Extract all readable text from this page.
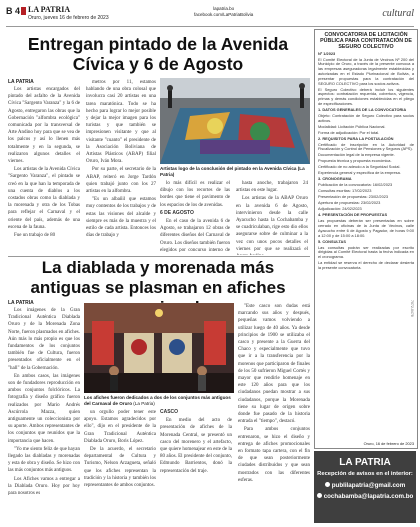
B 4 LA PATRIA
Oruro, jueves 16 de febrero de 2023
lapatria.bo
facebook.com/LaPatriaBolivia	cultural
Entregan pintado de la Avenida Cívica y 6 de Agosto
LA PATRIA

Los artistas encargados del pintado del asfalto de la Avenida Cívica "Sargento Varanza" y la 6 de Agosto, entregaron las obras que la Gobernación "alfombra ecológica" comunicada por la transversal de Arte Andino hoy para que se vea de los palcos y así lo llenen más totalmente y en la segunda, se realizaron algunos detalles el viernes.

Los artistas de la Avenida Cívica "Sargento Varanza", el pintado se creó en la que han la temporada de una cuenta de diablos a los costados obras como la diablada y la morenada y otra de los Tobas para reflejar el Carnaval y el oriente del país, además de una escena de la fauna.

Fue un trabajo de 80

metros por 11, estamos hablando de una obra colosal que involucra casi 20 artistas en una tarea maratónica. Todo se ha hecho para lograr lo mejor posible y dejar la mejor imagen para los turistas y que también se impresionen visitante y que al visitante "cuanto" el presidente de la Asociación Boliviana de Artistas Plásticos (ABAP) filial Oruro, Iván Mora.

Por su parte, el secretario de la ABAP, reiteró en Jorge Tardón quien trabajó junto con los 27 artistas en la alfombra.

"Es un albañil que estamos muy contentos de los trabajos y de estas las visiones del alcalde y siempre es más de la muestra y el estilo de cada artista. Entonces los días de trabajo y

Artistas logo de la conclusión del pintado en la Avenida Cívica (La Patria)

lo más difícil es realizar el dibujo con los recortes de las bordes que tiene el pavimento de los espacios de los de avenidas.

6 DE AGOSTO

En el caso de la avenida 6 de Agosto, se trabajaron 12 obras de diferentes diseños del Carnaval de Oruro. Los diseños también fueron elegidos por concurso interno de

hasta anoche, trabajaron 24 artistas en este lugar.

Los artistas de la ABAP Oruro en la avenida 6 de Agosto, intervinieron desde la calle Ayacucho hasta la Cochabamba y se cuadriculaban, rige esto dio ellos asegurarse sobre de culminar a la vez con unos pocos detalles el viernes por que se realizará el

La diablada y morenada más antiguas se plasman en afiches
LA PATRIA

Los imágenes de la Gran Tradicional Auténtica Diablada Oruro y de la Morenada Zona Norte, fueron plasmados en afiches. Aún más lo más propio es que los fundamentos de los conjuntos también fue de Cultura, fueron presentados oficialmente en el "hall" de la Gobernación.

En ambos casos, las imágenes son de fundadores reproducción en ambos conjuntos folclóricos. La fotografía y diseño gráfico fueron realizados por Mario Andrés Ascúrrola Mazza, quien antiguamente un coleccionista por su aporte. Ambos representantes de los conjuntos que reunidos que la importancia que hacen.

"Yo me siento feliz de que hayan llegado las diabladas y morenadas y esta de obra y diseño. Se hizo con las más conjuntos más antiguos.

Los Afiches vamos a entregar a la Diablada Oruro. Hoy por hoy para nosotros es

Los afiches fueron dedicados a dos de los conjuntos más antiguos del Carnaval de Oruro (La Patria)

un orgullo poder tener este apoyo. Estamos agradecidos por ello", dijo en el presidente de la Gran Tradicional Auténtica Diablada Oruro, Boris López.

De la acuerdo, el secretario departamental de Cultura y Turismo, Nelson Arzagueta, señaló que los afiches representan la tradición y la historia y también los representantes de ambos conjuntos.

CASCO

En medio del acto de presentación de afiches de la Morenada Central, se presentó un casco del morenero y el artefacto, que quiere homenajear en este de la 80 años. El presidente del conjunto, Edmundo Barrientos, donó la representación del traje.

"Este casco son dudas está marcando sus años y después, pequeñas vamos volviendo a utilizar luego de 40 años. Ya desde principios de 1900 se utilizaba el casco y presente a la Guerra del Chaco y especialmente que tuvo que ir a la transferencia por la morenos que participaron de finales de los 50 sufrieron Miguel Cortés y mayor que rendirle homenaje en este 120 años para que los ciudadanos puedan mostrar a sus ciudadanos, porque la Morenada tiene su lugar de origen sobre donde fue pasado de la historia entrada el "tiempo", destacó.

Para ambos conjuntos entrenaron, se hizo el diseño y entrega de afiches promocionales en formato tapa cartera, con el fin de que sean posteriormente ciudades distribuidos y que sean mostrados con las diferentes esferas.

CONVOCATORIA DE LICITACIÓN PÚBLICA PARA CONTRATACIÓN DE SEGURO COLECTIVO
Nº 1/2023
El Comité Electoral de la Junta de Vecinos Nº 200 del Municipio de Oruro, a través de la presente convoca a las empresas aseguradoras legalmente establecidas y autorizadas en el Estado Plurinacional de Bolivia, a presentar propuestas para la contratación del SEGURO COLECTIVO para los socios activos.
El Seguro Colectivo deberá incluir los siguientes aspectos: contratación requerida, cobertura, vigencia, primas y demás condiciones establecidas en el pliego de especificaciones.
1. DATOS GENERALES DE LA CONVOCATORIA
Objeto: Contratación de Seguro Colectivo para socios activos.
Modalidad: Licitación Pública Nacional.
Forma de adjudicación: Por el total.
2. REQUISITOS PARA LA POSTULACIÓN
Certificado de inscripción en la Autoridad de Fiscalización y Control de Pensiones y Seguros (APS).
Documentación legal de la empresa vigente.
Propuesta técnica y propuesta económica.
Certificado de no adeudo a la Seguridad Social.
Experiencia general y específica de la empresa.
3. CRONOGRAMA
Publicación de la convocatoria: 16/02/2023
Consultas escritas: 17/02/2023
Presentación de propuestas: 23/02/2023
Apertura de propuestas: 23/02/2023
Adjudicación: 24/02/2023
4. PRESENTACIÓN DE PROPUESTAS
Las propuestas deberán ser presentadas en sobre cerrado en oficinas de la Junta de Vecinos, calle Ayacucho entre 6 de Agosto y Pagador, de horas 9:00 a 12:00 y de 15:00 a 18:00.
5. CONSULTAS
Las consultas podrán ser realizadas por escrito dirigidas al Comité Electoral hasta la fecha indicada en el cronograma.
La entidad se reserva el derecho de declarar desierta la presente convocatoria.
Oruro, 16 de febrero de 2023
7072-0478
LA PATRIA
Recepción de avisos en el interior:
publilapatria@gmail.com
cochabamba@lapatria.com.bo
